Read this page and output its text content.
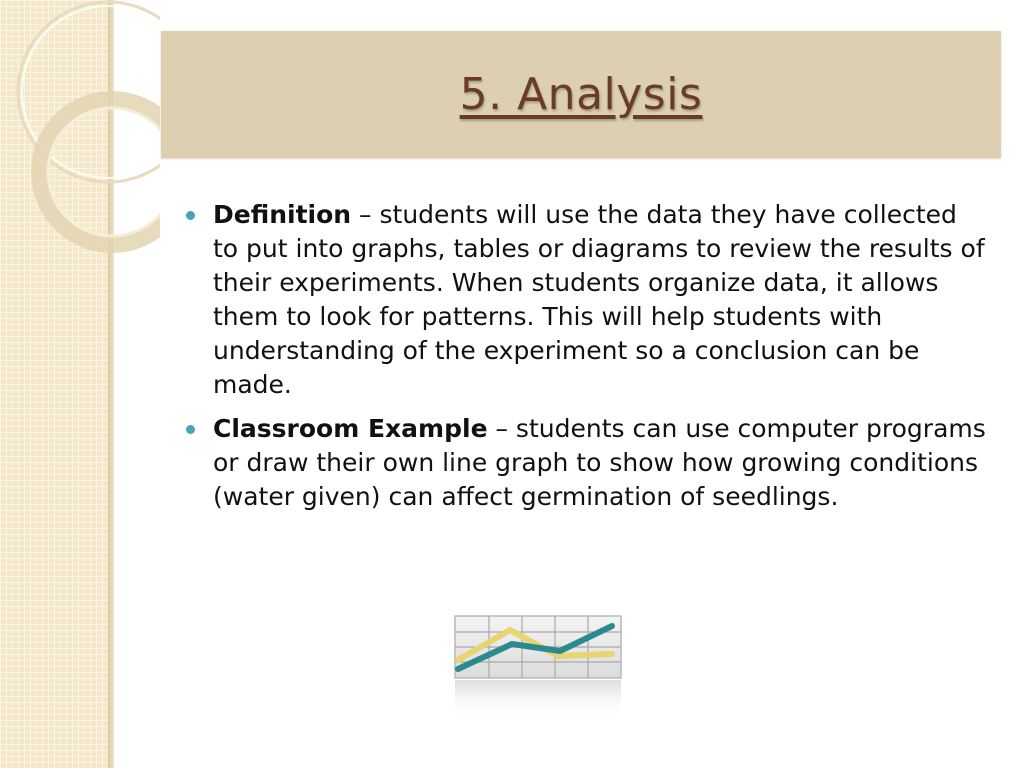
5. Analysis
Definition – students will use the data they have collected to put into graphs, tables or diagrams to review the results of their experiments. When students organize data, it allows them to look for patterns. This will help students with understanding of the experiment so a conclusion can be made.
Classroom Example – students can use computer programs or draw their own line graph to show how growing conditions (water given) can affect germination of seedlings.
